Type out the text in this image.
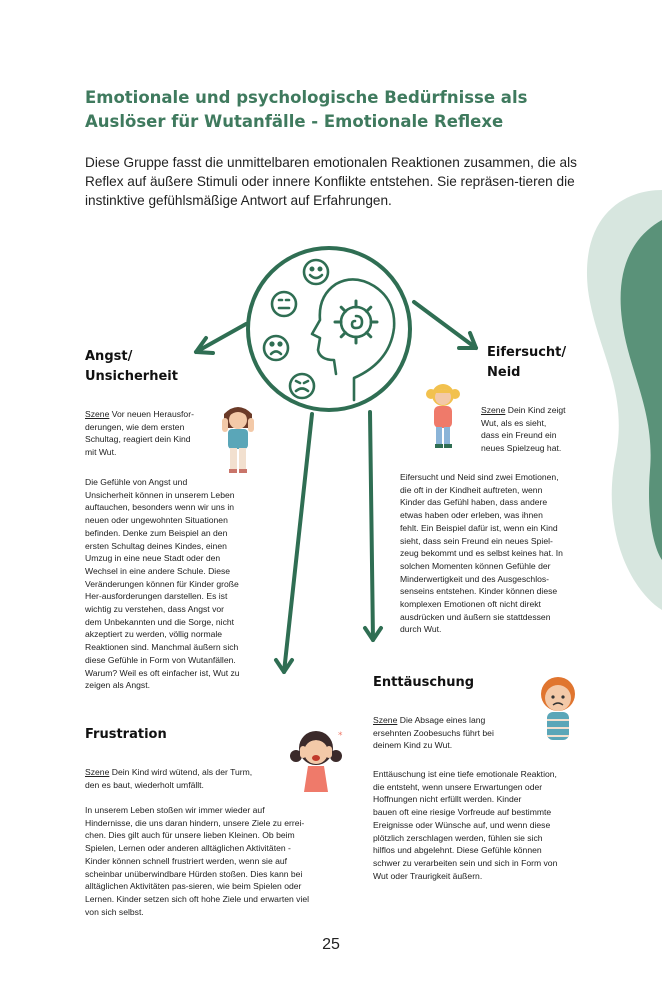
Emotionale und psychologische Bedürfnisse als Auslöser für Wutanfälle - Emotionale Reflexe
Diese Gruppe fasst die unmittelbaren emotionalen Reaktionen zusammen, die als Reflex auf äußere Stimuli oder innere Konflikte entstehen. Sie repräsen-tieren die instinktive gefühlsmäßige Antwort auf Erfahrungen.
Angst/
Unsicherheit
Szene Vor neuen Herausfor-
derungen, wie dem ersten
Schultag, reagiert dein Kind
mit Wut.
Die Gefühle von Angst und
Unsicherheit können in unserem Leben
auftauchen, besonders wenn wir uns in
neuen oder ungewohnten Situationen
befinden. Denke zum Beispiel an den
ersten Schultag deines Kindes, einen
Umzug in eine neue Stadt oder den
Wechsel in eine andere Schule. Diese
Veränderungen können für Kinder große
Her-ausforderungen darstellen. Es ist
wichtig zu verstehen, dass Angst vor
dem Unbekannten und die Sorge, nicht
akzeptiert zu werden, völlig normale
Reaktionen sind. Manchmal äußern sich
diese Gefühle in Form von Wutanfällen.
Warum? Weil es oft einfacher ist, Wut zu
zeigen als Angst.
Eifersucht/
Neid
Szene Dein Kind zeigt
Wut, als es sieht,
dass ein Freund ein
neues Spielzeug hat.
Eifersucht und Neid sind zwei Emotionen,
die oft in der Kindheit auftreten, wenn
Kinder das Gefühl haben, dass andere
etwas haben oder erleben, was ihnen
fehlt. Ein Beispiel dafür ist, wenn ein Kind
sieht, dass sein Freund ein neues Spiel-
zeug bekommt und es selbst keines hat. In
solchen Momenten können Gefühle der
Minderwertigkeit und des Ausgeschlos-
senseins entstehen. Kinder können diese
komplexen Emotionen oft nicht direkt
ausdrücken und äußern sie stattdessen
durch Wut.
Frustration	*
Szene Dein Kind wird wütend, als der Turm,
den es baut, wiederholt umfällt.
In unserem Leben stoßen wir immer wieder auf
Hindernisse, die uns daran hindern, unsere Ziele zu errei-
chen. Dies gilt auch für unsere lieben Kleinen. Ob beim
Spielen, Lernen oder anderen alltäglichen Aktivitäten -
Kinder können schnell frustriert werden, wenn sie auf
scheinbar unüberwindbare Hürden stoßen. Dies kann bei
alltäglichen Aktivitäten pas-sieren, wie beim Spielen oder
Lernen. Kinder setzen sich oft hohe Ziele und erwarten viel
von sich selbst.
Enttäuschung
Szene Die Absage eines lang
ersehnten Zoobesuchs führt bei
deinem Kind zu Wut.
Enttäuschung ist eine tiefe emotionale Reaktion,
die entsteht, wenn unsere Erwartungen oder
Hoffnungen nicht erfüllt werden. Kinder
bauen oft eine riesige Vorfreude auf bestimmte
Ereignisse oder Wünsche auf, und wenn diese
plötzlich zerschlagen werden, fühlen sie sich
hilflos und abgelehnt. Diese Gefühle können
schwer zu verarbeiten sein und sich in Form von
Wut oder Traurigkeit äußern.
25
